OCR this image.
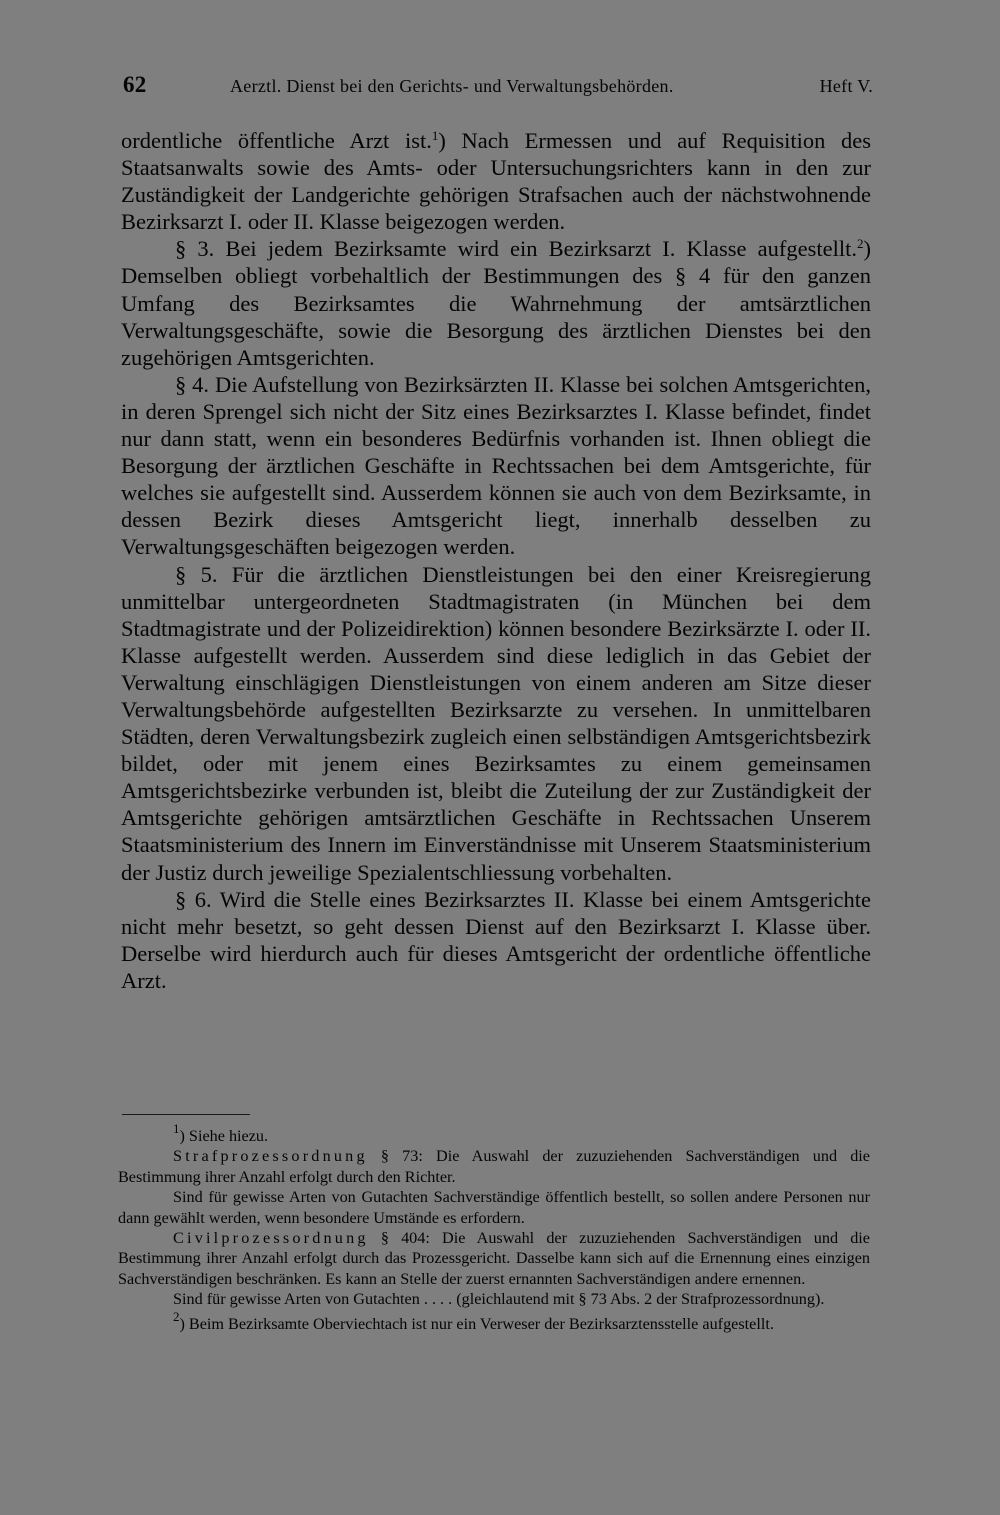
62	Aerztl. Dienst bei den Gerichts- und Verwaltungsbehörden.	Heft V.

ordentliche öffentliche Arzt ist.$^1$) Nach Ermessen und auf Requisition des Staatsanwalts sowie des Amts- oder Untersuchungsrichters kann in den zur Zuständigkeit der Landgerichte gehörigen Strafsachen auch der nächstwohnende Bezirksarzt I. oder II. Klasse beigezogen werden.

§ 3. Bei jedem Bezirksamte wird ein Bezirksarzt I. Klasse aufgestellt.$^2$) Demselben obliegt vorbehaltlich der Bestimmungen des § 4 für den ganzen Umfang des Bezirksamtes die Wahrnehmung der amtsärztlichen Verwaltungsgeschäfte, sowie die Besorgung des ärztlichen Dienstes bei den zugehörigen Amtsgerichten.

§ 4. Die Aufstellung von Bezirksärzten II. Klasse bei solchen Amtsgerichten, in deren Sprengel sich nicht der Sitz eines Bezirksarztes I. Klasse befindet, findet nur dann statt, wenn ein besonderes Bedürfnis vorhanden ist. Ihnen obliegt die Besorgung der ärztlichen Geschäfte in Rechtssachen bei dem Amtsgerichte, für welches sie aufgestellt sind. Ausserdem können sie auch von dem Bezirksamte, in dessen Bezirk dieses Amtsgericht liegt, innerhalb desselben zu Verwaltungsgeschäften beigezogen werden.

§ 5. Für die ärztlichen Dienstleistungen bei den einer Kreisregierung unmittelbar untergeordneten Stadtmagistraten (in München bei dem Stadtmagistrate und der Polizeidirektion) können besondere Bezirksärzte I. oder II. Klasse aufgestellt werden. Ausserdem sind diese lediglich in das Gebiet der Verwaltung einschlägigen Dienstleistungen von einem anderen am Sitze dieser Verwaltungsbehörde aufgestellten Bezirksarzte zu versehen. In unmittelbaren Städten, deren Verwaltungsbezirk zugleich einen selbständigen Amtsgerichtsbezirk bildet, oder mit jenem eines Bezirksamtes zu einem gemeinsamen Amtsgerichtsbezirke verbunden ist, bleibt die Zuteilung der zur Zuständigkeit der Amtsgerichte gehörigen amtsärztlichen Geschäfte in Rechtssachen Unserem Staatsministerium des Innern im Einverständnisse mit Unserem Staatsministerium der Justiz durch jeweilige Spezialentschliessung vorbehalten.

§ 6. Wird die Stelle eines Bezirksarztes II. Klasse bei einem Amtsgerichte nicht mehr besetzt, so geht dessen Dienst auf den Bezirksarzt I. Klasse über. Derselbe wird hierdurch auch für dieses Amtsgericht der ordentliche öffentliche Arzt.

$^1$) Siehe hiezu.

Strafprozessordnung § 73: Die Auswahl der zuzuziehenden Sachverständigen und die Bestimmung ihrer Anzahl erfolgt durch den Richter.

Sind für gewisse Arten von Gutachten Sachverständige öffentlich bestellt, so sollen andere Personen nur dann gewählt werden, wenn besondere Umstände es erfordern.

Civilprozessordnung § 404: Die Auswahl der zuzuziehenden Sachverständigen und die Bestimmung ihrer Anzahl erfolgt durch das Prozessgericht. Dasselbe kann sich auf die Ernennung eines einzigen Sachverständigen beschränken. Es kann an Stelle der zuerst ernannten Sachverständigen andere ernennen.

Sind für gewisse Arten von Gutachten . . . . (gleichlautend mit § 73 Abs. 2 der Strafprozessordnung).

$^2$) Beim Bezirksamte Oberviechtach ist nur ein Verweser der Bezirksarztensstelle aufgestellt.
